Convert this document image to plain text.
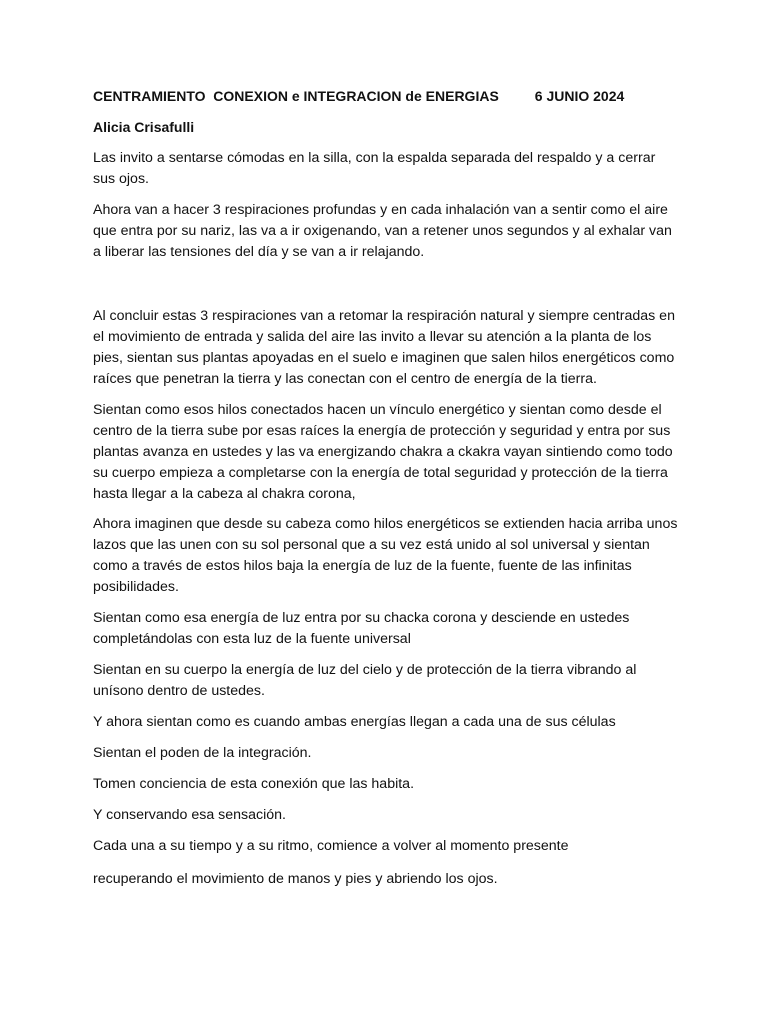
CENTRAMIENTO  CONEXION e INTEGRACION de ENERGIAS	6 JUNIO 2024

Alicia Crisafulli

Las invito a sentarse cómodas en la silla, con la espalda separada del respaldo y a cerrar sus ojos.

Ahora van a hacer 3 respiraciones profundas y en cada inhalación van a sentir como el aire que entra por su nariz, las va a ir oxigenando, van a retener unos segundos y al exhalar van a liberar las tensiones del día y se van a ir relajando.

Al concluir estas 3 respiraciones van a retomar la respiración natural y siempre centradas en el movimiento de entrada y salida del aire las invito a llevar su atención a la planta de los pies, sientan sus plantas apoyadas en el suelo e imaginen que salen hilos energéticos como raíces que penetran la tierra y las conectan con el centro de energía de la tierra.

Sientan como esos hilos conectados hacen un vínculo energético y sientan como desde el centro de la tierra sube por esas raíces la energía de protección y seguridad y entra por sus plantas avanza en ustedes y las va energizando chakra a ckakra vayan sintiendo como todo su cuerpo empieza a completarse con la energía de total seguridad y protección de la tierra hasta llegar a la cabeza al chakra corona,

Ahora imaginen que desde su cabeza como hilos energéticos se extienden hacia arriba unos lazos que las unen con su sol personal que a su vez está unido al sol universal y sientan como a través de estos hilos baja la energía de luz de la fuente, fuente de las infinitas posibilidades.

Sientan como esa energía de luz entra por su chacka corona y desciende en ustedes completándolas con esta luz de la fuente universal

Sientan en su cuerpo la energía de luz del cielo y de protección de la tierra vibrando al unísono dentro de ustedes.

Y ahora sientan como es cuando ambas energías llegan a cada una de sus células

Sientan el poden de la integración.

Tomen conciencia de esta conexión que las habita.

Y conservando esa sensación.

Cada una a su tiempo y a su ritmo, comience a volver al momento presente

recuperando el movimiento de manos y pies y abriendo los ojos.
